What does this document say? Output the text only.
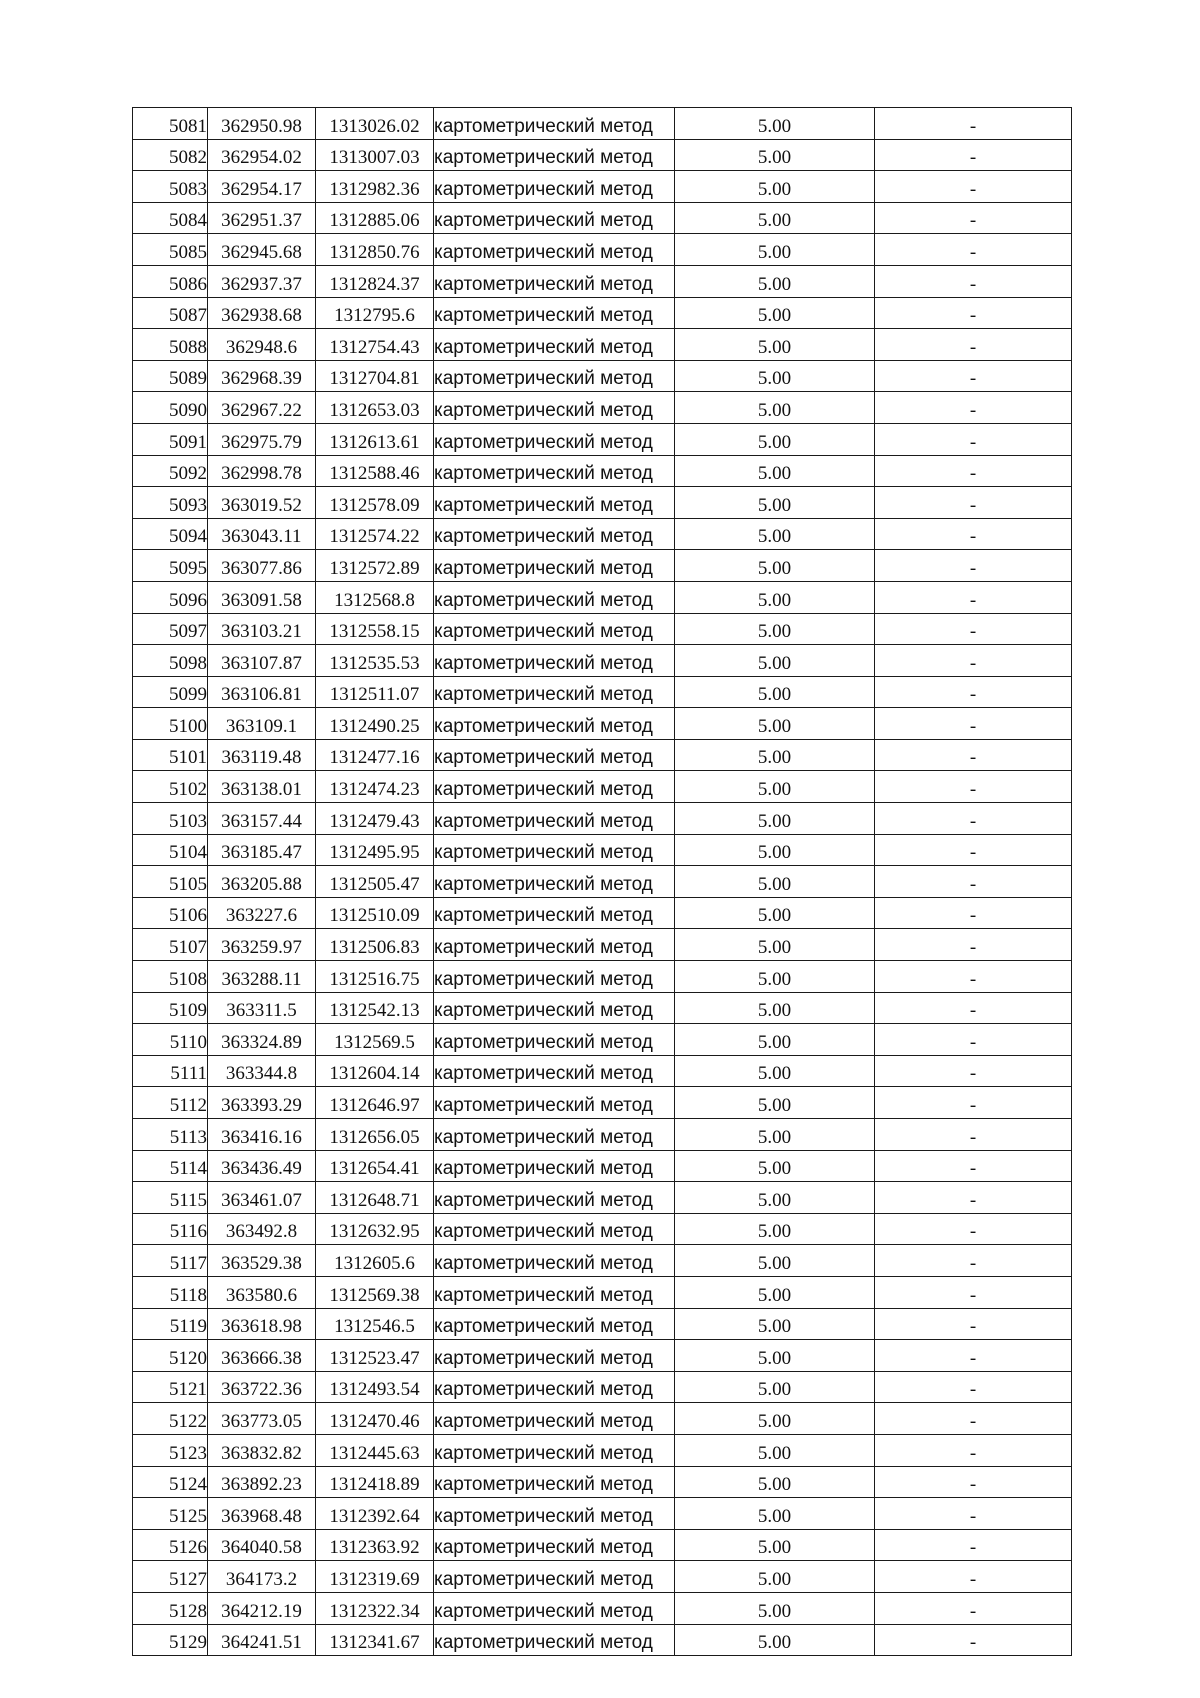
5081	362950.98	1313026.02	картометрический метод	5.00	-
5082	362954.02	1313007.03	картометрический метод	5.00	-
5083	362954.17	1312982.36	картометрический метод	5.00	-
5084	362951.37	1312885.06	картометрический метод	5.00	-
5085	362945.68	1312850.76	картометрический метод	5.00	-
5086	362937.37	1312824.37	картометрический метод	5.00	-
5087	362938.68	1312795.6	картометрический метод	5.00	-
5088	362948.6	1312754.43	картометрический метод	5.00	-
5089	362968.39	1312704.81	картометрический метод	5.00	-
5090	362967.22	1312653.03	картометрический метод	5.00	-
5091	362975.79	1312613.61	картометрический метод	5.00	-
5092	362998.78	1312588.46	картометрический метод	5.00	-
5093	363019.52	1312578.09	картометрический метод	5.00	-
5094	363043.11	1312574.22	картометрический метод	5.00	-
5095	363077.86	1312572.89	картометрический метод	5.00	-
5096	363091.58	1312568.8	картометрический метод	5.00	-
5097	363103.21	1312558.15	картометрический метод	5.00	-
5098	363107.87	1312535.53	картометрический метод	5.00	-
5099	363106.81	1312511.07	картометрический метод	5.00	-
5100	363109.1	1312490.25	картометрический метод	5.00	-
5101	363119.48	1312477.16	картометрический метод	5.00	-
5102	363138.01	1312474.23	картометрический метод	5.00	-
5103	363157.44	1312479.43	картометрический метод	5.00	-
5104	363185.47	1312495.95	картометрический метод	5.00	-
5105	363205.88	1312505.47	картометрический метод	5.00	-
5106	363227.6	1312510.09	картометрический метод	5.00	-
5107	363259.97	1312506.83	картометрический метод	5.00	-
5108	363288.11	1312516.75	картометрический метод	5.00	-
5109	363311.5	1312542.13	картометрический метод	5.00	-
5110	363324.89	1312569.5	картометрический метод	5.00	-
5111	363344.8	1312604.14	картометрический метод	5.00	-
5112	363393.29	1312646.97	картометрический метод	5.00	-
5113	363416.16	1312656.05	картометрический метод	5.00	-
5114	363436.49	1312654.41	картометрический метод	5.00	-
5115	363461.07	1312648.71	картометрический метод	5.00	-
5116	363492.8	1312632.95	картометрический метод	5.00	-
5117	363529.38	1312605.6	картометрический метод	5.00	-
5118	363580.6	1312569.38	картометрический метод	5.00	-
5119	363618.98	1312546.5	картометрический метод	5.00	-
5120	363666.38	1312523.47	картометрический метод	5.00	-
5121	363722.36	1312493.54	картометрический метод	5.00	-
5122	363773.05	1312470.46	картометрический метод	5.00	-
5123	363832.82	1312445.63	картометрический метод	5.00	-
5124	363892.23	1312418.89	картометрический метод	5.00	-
5125	363968.48	1312392.64	картометрический метод	5.00	-
5126	364040.58	1312363.92	картометрический метод	5.00	-
5127	364173.2	1312319.69	картометрический метод	5.00	-
5128	364212.19	1312322.34	картометрический метод	5.00	-
5129	364241.51	1312341.67	картометрический метод	5.00	-
